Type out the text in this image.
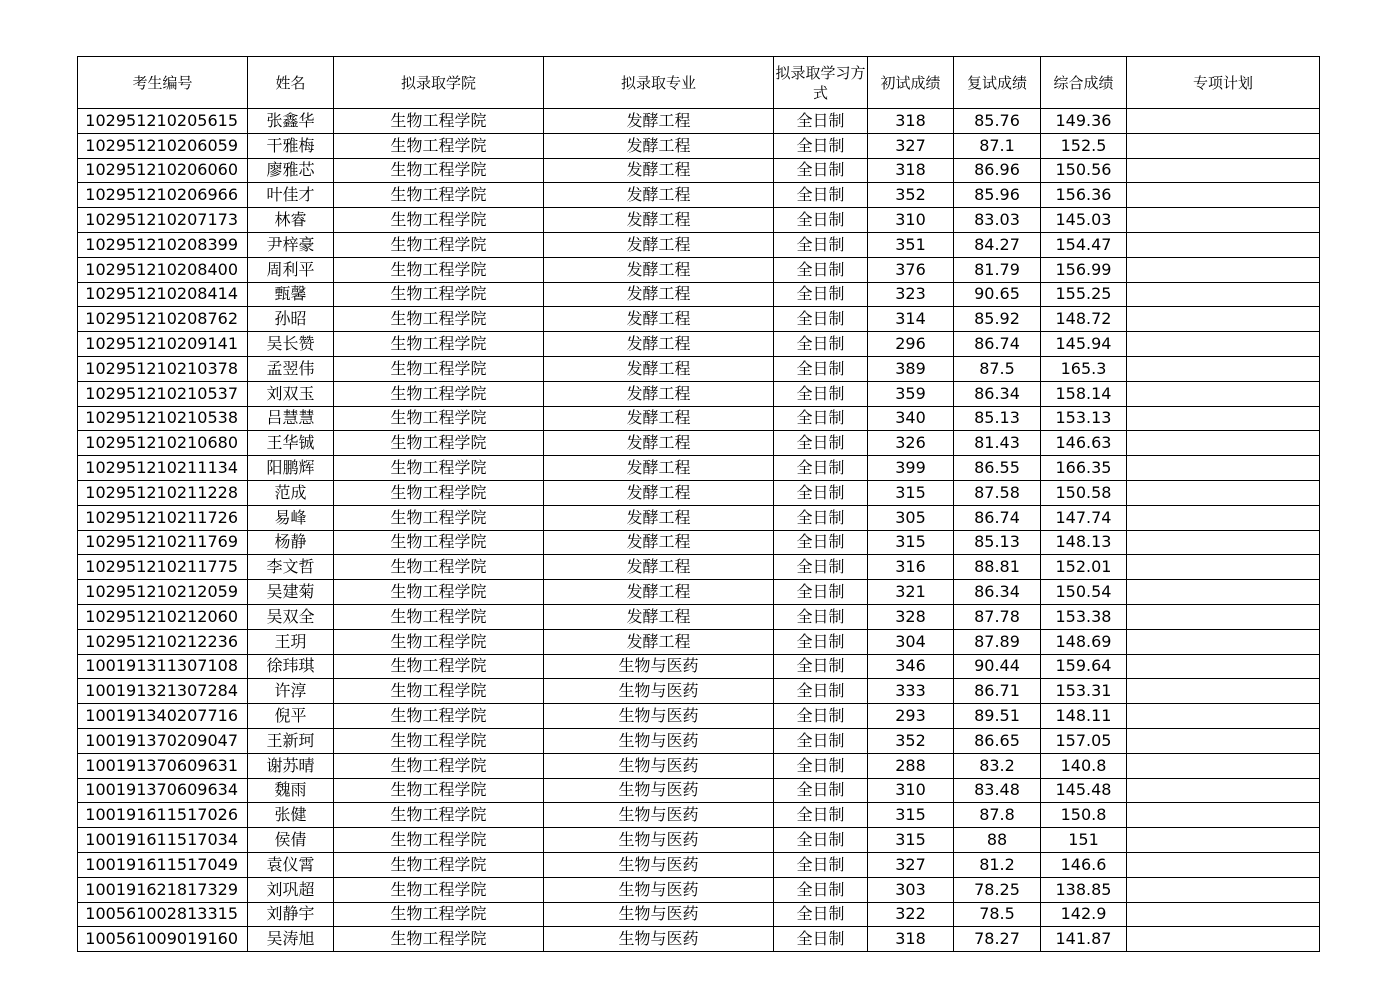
考生编号	姓名	拟录取学院	拟录取专业	拟录取学习方式	初试成绩	复试成绩	综合成绩	专项计划
102951210205615	张鑫华	生物工程学院	发酵工程	全日制	318	85.76	149.36	
102951210206059	干雅梅	生物工程学院	发酵工程	全日制	327	87.1	152.5	
102951210206060	廖雅芯	生物工程学院	发酵工程	全日制	318	86.96	150.56	
102951210206966	叶佳才	生物工程学院	发酵工程	全日制	352	85.96	156.36	
102951210207173	林睿	生物工程学院	发酵工程	全日制	310	83.03	145.03	
102951210208399	尹梓豪	生物工程学院	发酵工程	全日制	351	84.27	154.47	
102951210208400	周利平	生物工程学院	发酵工程	全日制	376	81.79	156.99	
102951210208414	甄馨	生物工程学院	发酵工程	全日制	323	90.65	155.25	
102951210208762	孙昭	生物工程学院	发酵工程	全日制	314	85.92	148.72	
102951210209141	吴长赞	生物工程学院	发酵工程	全日制	296	86.74	145.94	
102951210210378	孟翌伟	生物工程学院	发酵工程	全日制	389	87.5	165.3	
102951210210537	刘双玉	生物工程学院	发酵工程	全日制	359	86.34	158.14	
102951210210538	吕慧慧	生物工程学院	发酵工程	全日制	340	85.13	153.13	
102951210210680	王华铖	生物工程学院	发酵工程	全日制	326	81.43	146.63	
102951210211134	阳鹏辉	生物工程学院	发酵工程	全日制	399	86.55	166.35	
102951210211228	范成	生物工程学院	发酵工程	全日制	315	87.58	150.58	
102951210211726	易峰	生物工程学院	发酵工程	全日制	305	86.74	147.74	
102951210211769	杨静	生物工程学院	发酵工程	全日制	315	85.13	148.13	
102951210211775	李文哲	生物工程学院	发酵工程	全日制	316	88.81	152.01	
102951210212059	吴建菊	生物工程学院	发酵工程	全日制	321	86.34	150.54	
102951210212060	吴双全	生物工程学院	发酵工程	全日制	328	87.78	153.38	
102951210212236	王玥	生物工程学院	发酵工程	全日制	304	87.89	148.69	
100191311307108	徐玮琪	生物工程学院	生物与医药	全日制	346	90.44	159.64	
100191321307284	许淳	生物工程学院	生物与医药	全日制	333	86.71	153.31	
100191340207716	倪平	生物工程学院	生物与医药	全日制	293	89.51	148.11	
100191370209047	王新珂	生物工程学院	生物与医药	全日制	352	86.65	157.05	
100191370609631	谢苏晴	生物工程学院	生物与医药	全日制	288	83.2	140.8	
100191370609634	魏雨	生物工程学院	生物与医药	全日制	310	83.48	145.48	
100191611517026	张健	生物工程学院	生物与医药	全日制	315	87.8	150.8	
100191611517034	侯倩	生物工程学院	生物与医药	全日制	315	88	151	
100191611517049	袁仪霄	生物工程学院	生物与医药	全日制	327	81.2	146.6	
100191621817329	刘巩超	生物工程学院	生物与医药	全日制	303	78.25	138.85	
100561002813315	刘静宇	生物工程学院	生物与医药	全日制	322	78.5	142.9	
100561009019160	吴涛旭	生物工程学院	生物与医药	全日制	318	78.27	141.87	
